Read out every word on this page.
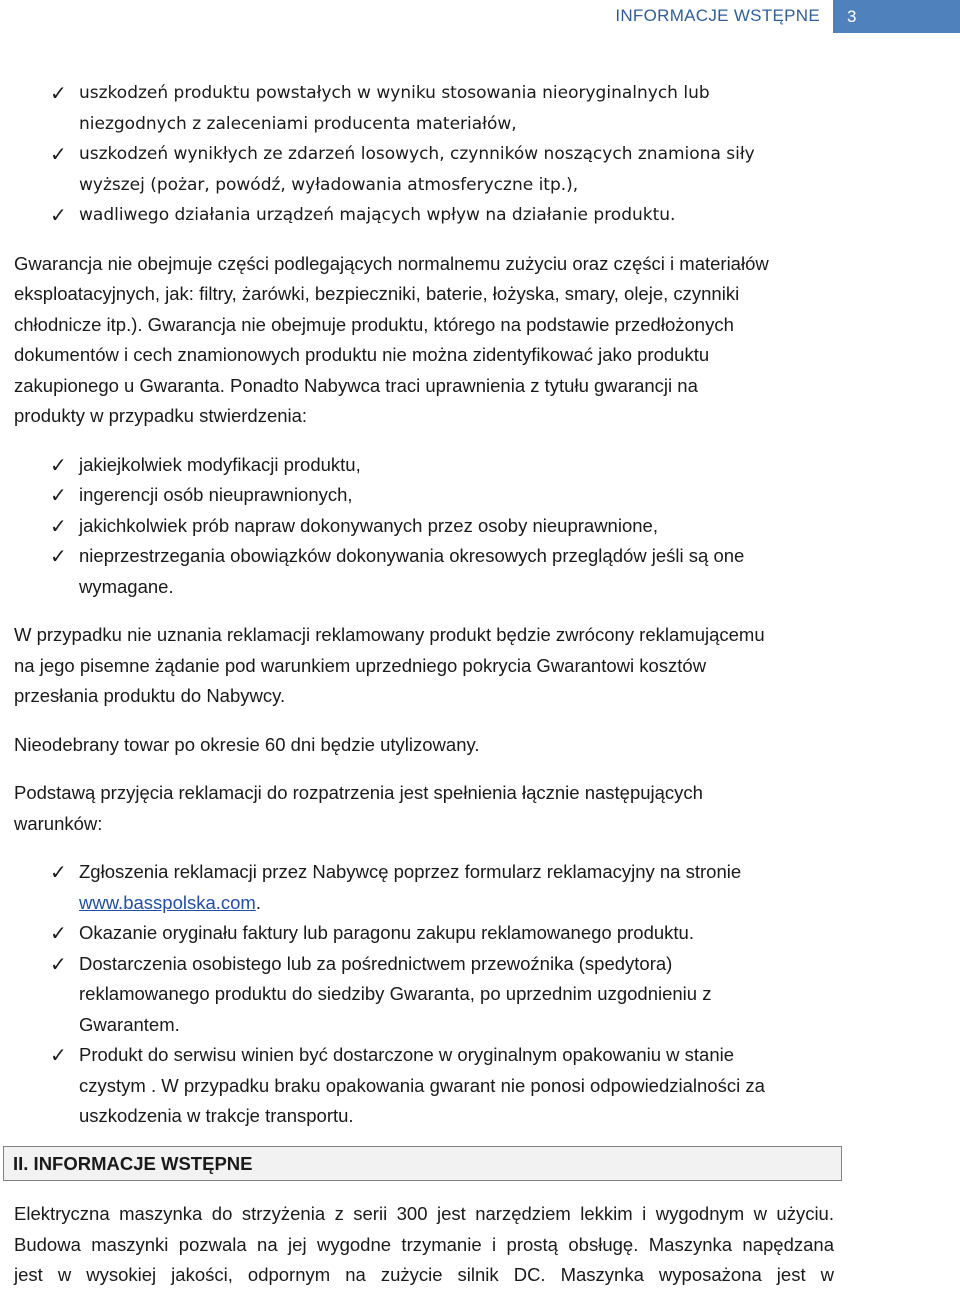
INFORMACJE WSTĘPNE	3
✓ uszkodzeń produktu powstałych w wyniku stosowania nieoryginalnych lub
niezgodnych z zaleceniami producenta materiałów,
✓ uszkodzeń wynikłych ze zdarzeń losowych, czynników noszących znamiona siły
wyższej (pożar, powódź, wyładowania atmosferyczne itp.),
✓ wadliwego działania urządzeń mających wpływ na działanie produktu.
Gwarancja nie obejmuje części podlegających normalnemu zużyciu oraz części i materiałów
eksploatacyjnych, jak: filtry, żarówki, bezpieczniki, baterie, łożyska, smary, oleje, czynniki
chłodnicze itp.). Gwarancja nie obejmuje produktu, którego na podstawie przedłożonych
dokumentów i cech znamionowych produktu nie można zidentyfikować jako produktu
zakupionego u Gwaranta. Ponadto Nabywca traci uprawnienia z tytułu gwarancji na
produkty w przypadku stwierdzenia:
✓ jakiejkolwiek modyfikacji produktu,
✓ ingerencji osób nieuprawnionych,
✓ jakichkolwiek prób napraw dokonywanych przez osoby nieuprawnione,
✓ nieprzestrzegania obowiązków dokonywania okresowych przeglądów jeśli są one
wymagane.
W przypadku nie uznania reklamacji reklamowany produkt będzie zwrócony reklamującemu
na jego pisemne żądanie pod warunkiem uprzedniego pokrycia Gwarantowi kosztów
przesłania produktu do Nabywcy.
Nieodebrany towar po okresie 60 dni będzie utylizowany.
Podstawą przyjęcia reklamacji do rozpatrzenia jest spełnienia łącznie następujących
warunków:
✓ Zgłoszenia reklamacji przez Nabywcę poprzez formularz reklamacyjny na stronie
www.basspolska.com.
✓ Okazanie oryginału faktury lub paragonu zakupu reklamowanego produktu.
✓ Dostarczenia osobistego lub za pośrednictwem przewoźnika (spedytora)
reklamowanego produktu do siedziby Gwaranta, po uprzednim uzgodnieniu z
Gwarantem.
✓ Produkt do serwisu winien być dostarczone w oryginalnym opakowaniu w stanie
czystym . W przypadku braku opakowania gwarant nie ponosi odpowiedzialności za
uszkodzenia w trakcje transportu.
II. INFORMACJE WSTĘPNE
Elektryczna maszynka do strzyżenia z serii 300 jest narzędziem lekkim i wygodnym w użyciu.
Budowa maszynki pozwala na jej wygodne trzymanie i prostą obsługę. Maszynka napędzana
jest w wysokiej jakości, odpornym na zużycie silnik DC. Maszynka wyposażona jest w
